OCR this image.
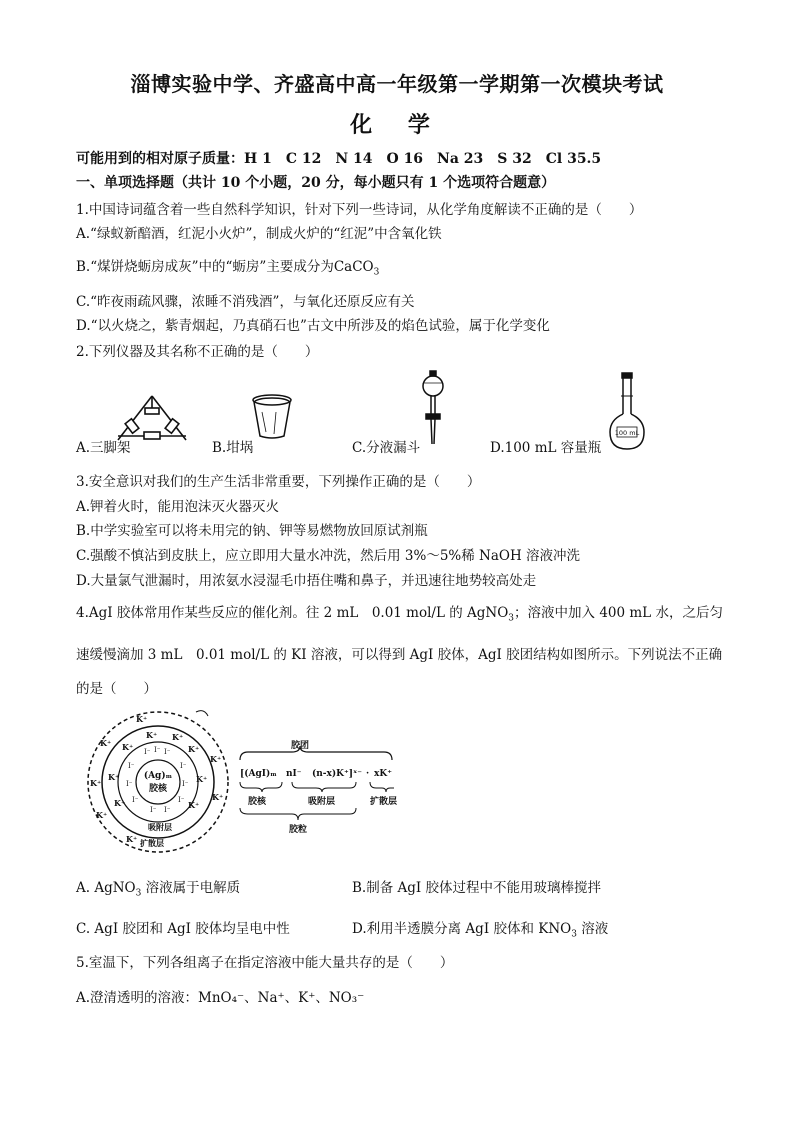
淄博实验中学、齐盛高中高一年级第一学期第一次模块考试
化 学
可能用到的相对原子质量：H 1　C 12　N 14　O 16　Na 23　S 32　Cl 35.5
一、单项选择题（共计 10 个小题，20 分，每小题只有 1 个选项符合题意）
1.中国诗词蕴含着一些自然科学知识，针对下列一些诗词，从化学角度解读不正确的是（　　）
A.“绿蚁新醅酒，红泥小火炉”，制成火炉的“红泥”中含氧化铁
B.“煤饼烧蛎房成灰”中的“蛎房”主要成分为CaCO$_3$
C.“昨夜雨疏风骤，浓睡不消残酒”，与氧化还原反应有关
D.“以火烧之，紫青烟起，乃真硝石也”古文中所涉及的焰色试验，属于化学变化
2.下列仪器及其名称不正确的是（　　）
100 mL
A.三脚架	B.坩埚	C.分液漏斗	D.100 mL 容量瓶
3.安全意识对我们的生产生活非常重要，下列操作正确的是（　　）
A.钾着火时，能用泡沫灭火器灭火
B.中学实验室可以将未用完的钠、钾等易燃物放回原试剂瓶
C.强酸不慎沾到皮肤上，应立即用大量水冲洗，然后用 3%～5%稀 NaOH 溶液冲洗
D.大量氯气泄漏时，用浓氨水浸湿毛巾捂住嘴和鼻子，并迅速往地势较高处走
4.AgI 胶体常用作某些反应的催化剂。往 2 mL　0.01 mol/L 的 AgNO$_3$；溶液中加入 400 mL 水，之后匀
速缓慢滴加 3 mL　0.01 mol/L 的 KI 溶液，可以得到 AgI 胶体，AgI 胶团结构如图所示。下列说法不正确
的是（　　）
(Ag)ₘ
胶核
I⁻ I⁻ I⁻
I⁻	I⁻
I⁻	I⁻
I⁻	I⁻
I⁻ I⁻
K⁺ K⁺
K⁺	K⁺
K⁺	K⁺
K⁺	K⁺
吸附层
K⁺
K⁺
K⁺
K⁺
K⁺
K⁺
K⁺ 扩散层
胶团
[(AgI)ₘ nI⁻ (n-x)K⁺]ˣ⁻ · xK⁺
胶核	吸附层	扩散层
胶粒
A. AgNO$_3$ 溶液属于电解质	B.制备 AgI 胶体过程中不能用玻璃棒搅拌
C. AgI 胶团和 AgI 胶体均呈电中性	D.利用半透膜分离 AgI 胶体和 $KNO_3$ 溶液
5.室温下，下列各组离子在指定溶液中能大量共存的是（　　）
A.澄清透明的溶液：MnO₄⁻、Na⁺、K⁺、NO₃⁻
